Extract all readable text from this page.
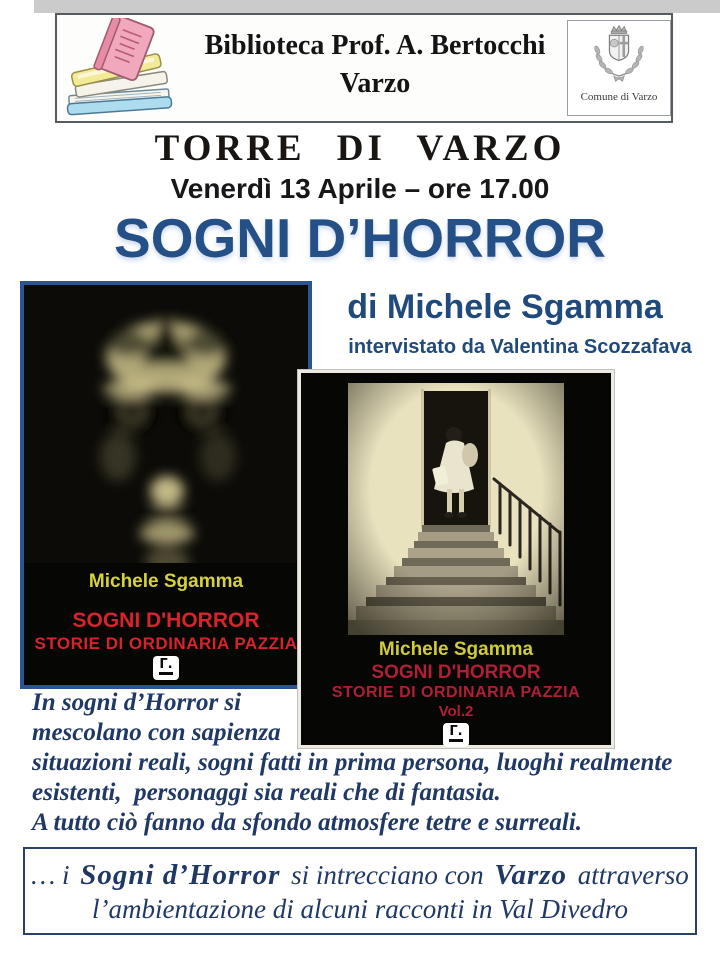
Biblioteca Prof. A. Bertocchi
Varzo	Comune di Varzo
TORRE DI VARZO
Venerdì 13 Aprile – ore 17.00
SOGNI D’HORROR
di Michele Sgamma
intervistato da Valentina Scozzafava
Michele Sgamma
SOGNI D'HORROR
STORIE DI ORDINARIA PAZZIA
Γ.
Michele Sgamma
SOGNI D'HORROR
STORIE DI ORDINARIA PAZZIA
Vol.2
Γ.
In sogni d’Horror si
mescolano con sapienza
situazioni reali, sogni fatti in prima persona, luoghi realmente
esistenti,  personaggi sia reali che di fantasia.
A tutto ciò fanno da sfondo atmosfere tetre e surreali.
… i Sogni d’Horror si intrecciano con Varzo attraverso
l’ambientazione di alcuni racconti in Val Divedro
